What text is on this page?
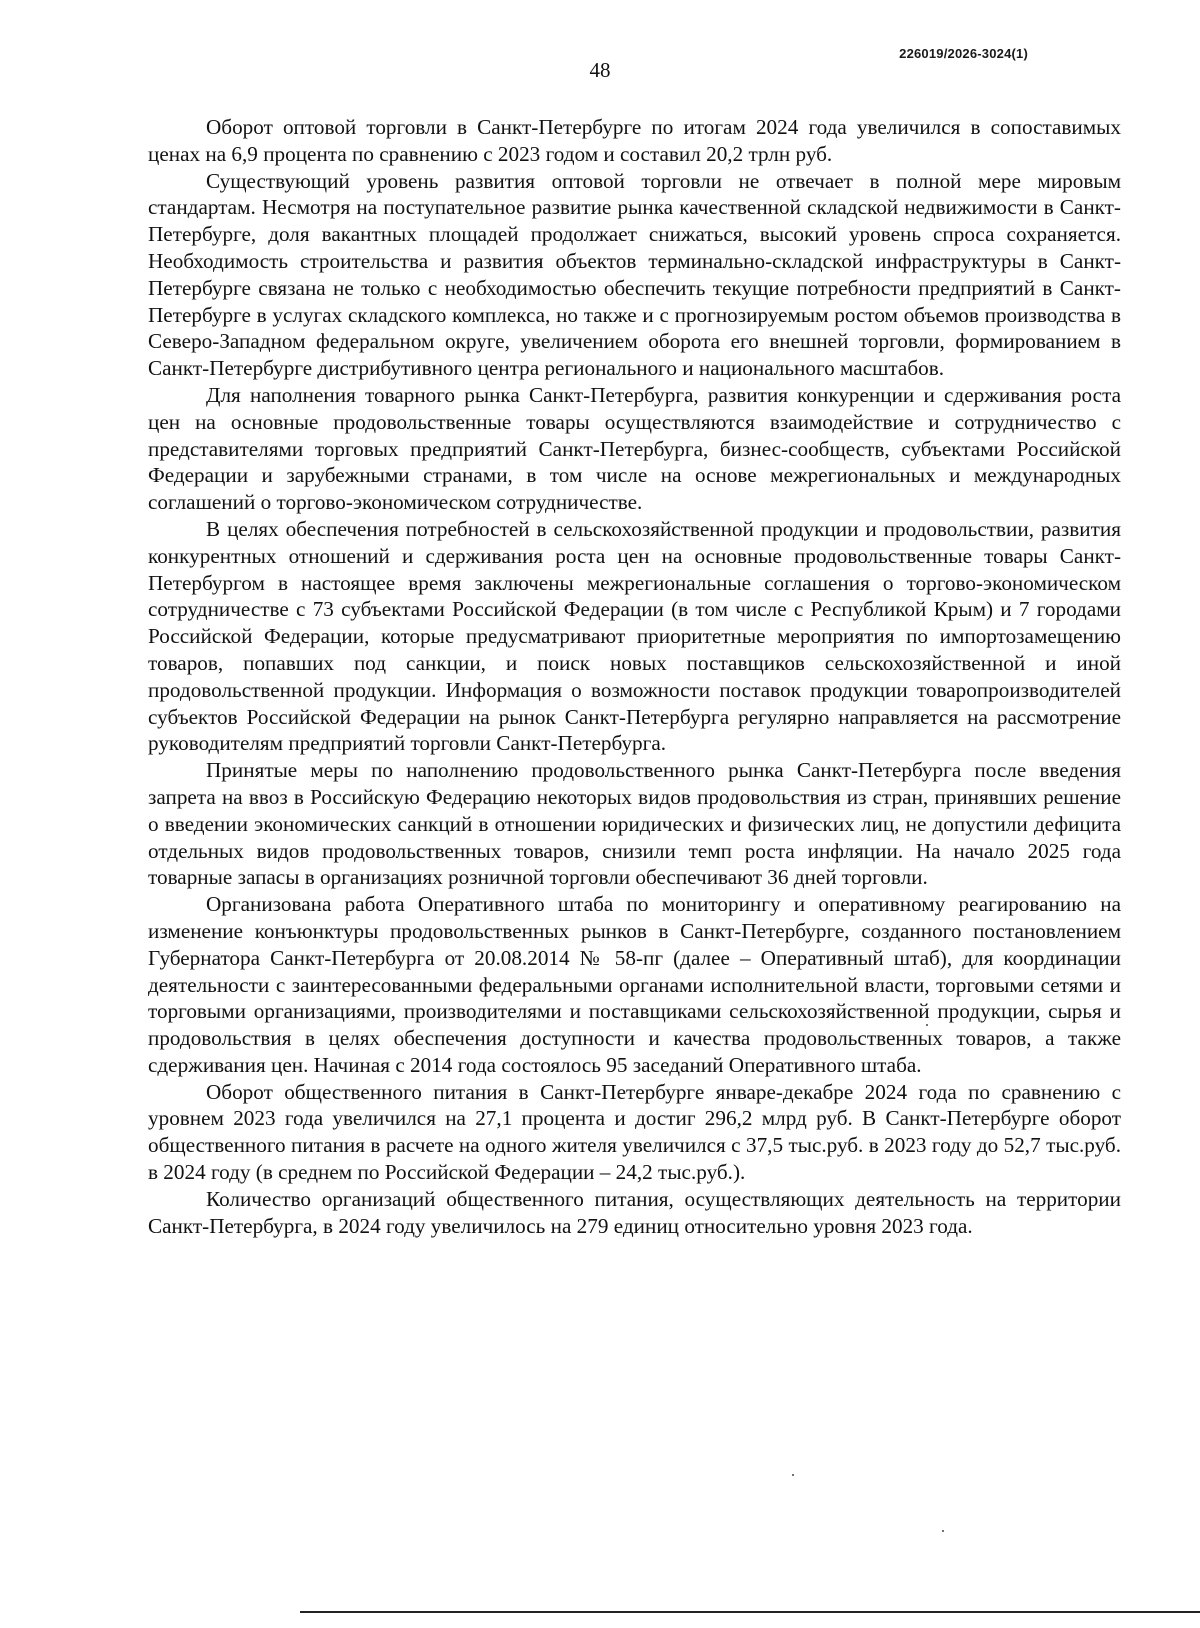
226019/2026-3024(1)
48

Оборот оптовой торговли в Санкт-Петербурге по итогам 2024 года увеличился в сопоставимых ценах на 6,9 процента по сравнению с 2023 годом и составил 20,2 трлн руб.

Существующий уровень развития оптовой торговли не отвечает в полной мере мировым стандартам. Несмотря на поступательное развитие рынка качественной складской недвижимости в Санкт-Петербурге, доля вакантных площадей продолжает снижаться, высокий уровень спроса сохраняется. Необходимость строительства и развития объектов терминально-складской инфраструктуры в Санкт-Петербурге связана не только с необходимостью обеспечить текущие потребности предприятий в Санкт-Петербурге в услугах складского комплекса, но также и с прогнозируемым ростом объемов производства в Северо-Западном федеральном округе, увеличением оборота его внешней торговли, формированием в Санкт-Петербурге дистрибутивного центра регионального и национального масштабов.

Для наполнения товарного рынка Санкт-Петербурга, развития конкуренции и сдерживания роста цен на основные продовольственные товары осуществляются взаимодействие и сотрудничество с представителями торговых предприятий Санкт-Петербурга, бизнес-сообществ, субъектами Российской Федерации и зарубежными странами, в том числе на основе межрегиональных и международных соглашений о торгово-экономическом сотрудничестве.

В целях обеспечения потребностей в сельскохозяйственной продукции и продовольствии, развития конкурентных отношений и сдерживания роста цен на основные продовольственные товары Санкт-Петербургом в настоящее время заключены межрегиональные соглашения о торгово-экономическом сотрудничестве с 73 субъектами Российской Федерации (в том числе с Республикой Крым) и 7 городами Российской Федерации, которые предусматривают приоритетные мероприятия по импортозамещению товаров, попавших под санкции, и поиск новых поставщиков сельскохозяйственной и иной продовольственной продукции. Информация о возможности поставок продукции товаропроизводителей субъектов Российской Федерации на рынок Санкт-Петербурга регулярно направляется на рассмотрение руководителям предприятий торговли Санкт-Петербурга.

Принятые меры по наполнению продовольственного рынка Санкт-Петербурга после введения запрета на ввоз в Российскую Федерацию некоторых видов продовольствия из стран, принявших решение о введении экономических санкций в отношении юридических и физических лиц, не допустили дефицита отдельных видов продовольственных товаров, снизили темп роста инфляции. На начало 2025 года товарные запасы в организациях розничной торговли обеспечивают 36 дней торговли.

Организована работа Оперативного штаба по мониторингу и оперативному реагированию на изменение конъюнктуры продовольственных рынков в Санкт-Петербурге, созданного постановлением Губернатора Санкт-Петербурга от 20.08.2014 № 58-пг (далее – Оперативный штаб), для координации деятельности с заинтересованными федеральными органами исполнительной власти, торговыми сетями и торговыми организациями, производителями и поставщиками сельскохозяйственной продукции, сырья и продовольствия в целях обеспечения доступности и качества продовольственных товаров, а также сдерживания цен. Начиная с 2014 года состоялось 95 заседаний Оперативного штаба.

Оборот общественного питания в Санкт-Петербурге январе-декабре 2024 года по сравнению с уровнем 2023 года увеличился на 27,1 процента и достиг 296,2 млрд руб. В Санкт-Петербурге оборот общественного питания в расчете на одного жителя увеличился с 37,5 тыс.руб. в 2023 году до 52,7 тыс.руб. в 2024 году (в среднем по Российской Федерации – 24,2 тыс.руб.).

Количество организаций общественного питания, осуществляющих деятельность на территории Санкт-Петербурга, в 2024 году увеличилось на 279 единиц относительно уровня 2023 года.
